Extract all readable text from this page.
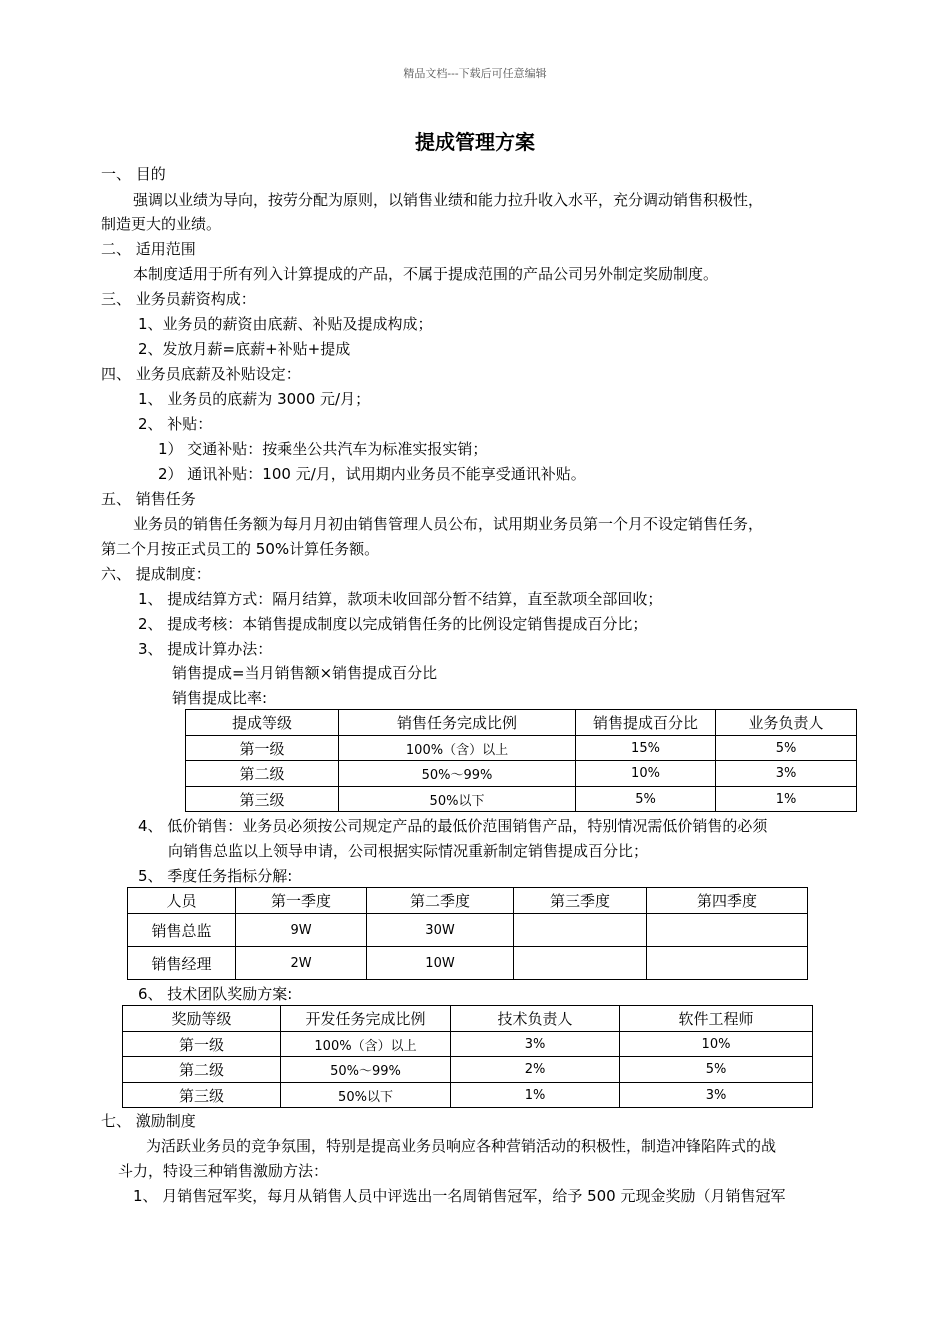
精品文档---下载后可任意编辑
提成管理方案
一、 目的
强调以业绩为导向，按劳分配为原则，以销售业绩和能力拉升收入水平，充分调动销售积极性，
制造更大的业绩。
二、 适用范围
本制度适用于所有列入计算提成的产品，不属于提成范围的产品公司另外制定奖励制度。
三、 业务员薪资构成：
1、业务员的薪资由底薪、补贴及提成构成；
2、发放月薪=底薪+补贴+提成
四、 业务员底薪及补贴设定：
1、 业务员的底薪为 3000 元/月；
2、 补贴：
1） 交通补贴：按乘坐公共汽车为标准实报实销；
2） 通讯补贴：100 元/月，试用期内业务员不能享受通讯补贴。
五、 销售任务
业务员的销售任务额为每月月初由销售管理人员公布，试用期业务员第一个月不设定销售任务，
第二个月按正式员工的 50%计算任务额。
六、 提成制度：
1、 提成结算方式：隔月结算，款项未收回部分暂不结算，直至款项全部回收；
2、 提成考核：本销售提成制度以完成销售任务的比例设定销售提成百分比；
3、 提成计算办法：
销售提成=当月销售额×销售提成百分比
销售提成比率:
提成等级	销售任务完成比例	销售提成百分比	业务负责人
第一级	100%（含）以上	15%	5%
第二级	50%～99%	10%	3%
第三级	50%以下	5%	1%
4、 低价销售：业务员必须按公司规定产品的最低价范围销售产品，特别情况需低价销售的必须
向销售总监以上领导申请，公司根据实际情况重新制定销售提成百分比；
5、 季度任务指标分解:
人员	第一季度	第二季度	第三季度	第四季度
销售总监	9W	30W		
销售经理	2W	10W		
6、 技术团队奖励方案:
奖励等级	开发任务完成比例	技术负责人	软件工程师
第一级	100%（含）以上	3%	10%
第二级	50%～99%	2%	5%
第三级	50%以下	1%	3%
七、 激励制度
为活跃业务员的竞争氛围，特别是提高业务员响应各种营销活动的积极性，制造冲锋陷阵式的战
斗力，特设三种销售激励方法：
1、 月销售冠军奖，每月从销售人员中评选出一名周销售冠军，给予 500 元现金奖励（月销售冠军
